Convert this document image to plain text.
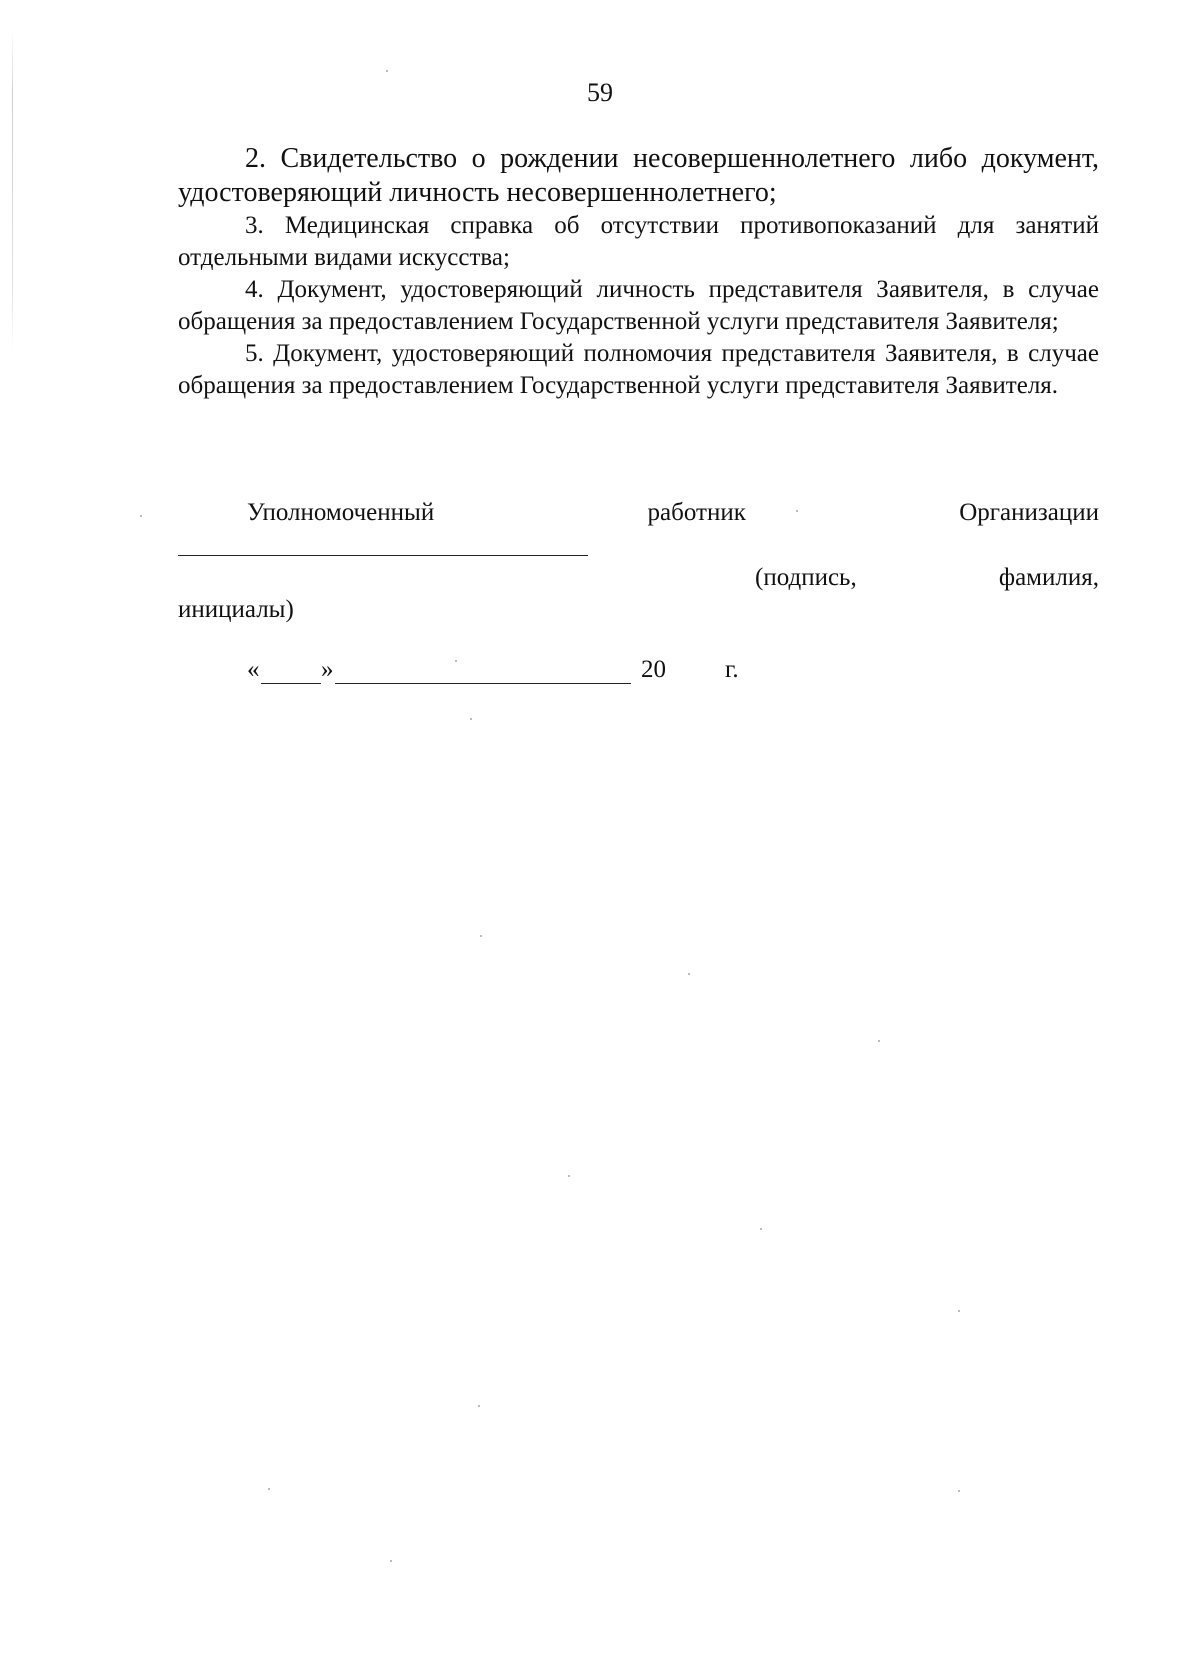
59

2. Свидетельство о рождении несовершеннолетнего либо документ, удостоверяющий личность несовершеннолетнего;

3. Медицинская справка об отсутствии противопоказаний для занятий отдельными видами искусства;

4. Документ, удостоверяющий личность представителя Заявителя, в случае обращения за предоставлением Государственной услуги представителя Заявителя;

5. Документ, удостоверяющий полномочия представителя Заявителя, в случае обращения за предоставлением Государственной услуги представителя Заявителя.

Уполномоченный	работник	Организации
(подпись,	фамилия,
инициалы)
« »	20 г.
